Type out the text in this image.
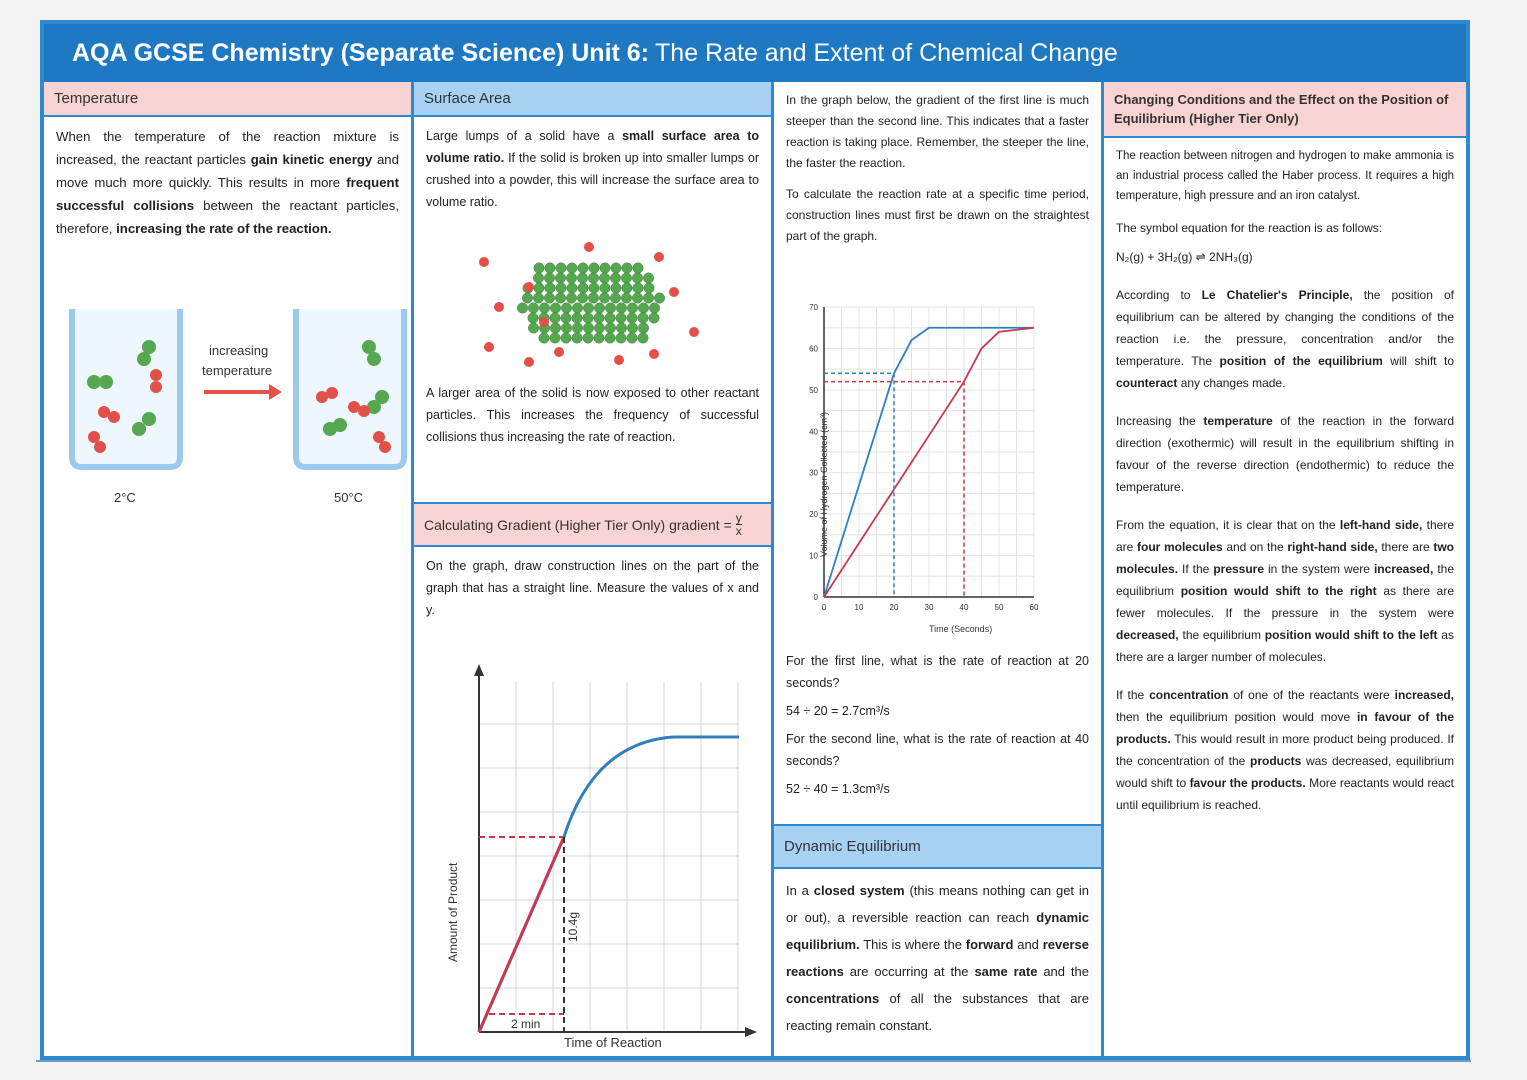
AQA GCSE Chemistry (Separate Science) Unit 6: The Rate and Extent of Chemical Change
Temperature
When the temperature of the reaction mixture is increased, the reactant particles gain kinetic energy and move much more quickly. This results in more frequent successful collisions between the reactant particles, therefore, increasing the rate of the reaction.
increasing
temperature
2°C	50°C
Surface Area
Large lumps of a solid have a small surface area to volume ratio. If the solid is broken up into smaller lumps or crushed into a powder, this will increase the surface area to volume ratio.
A larger area of the solid is now exposed to other reactant particles. This increases the frequency of successful collisions thus increasing the rate of reaction.
Calculating Gradient (Higher Tier Only) gradient = $\frac{y}{x}$
On the graph, draw construction lines on the part of the graph that has a straight line. Measure the values of x and y.
10.4g
2 min
Amount of Product
Time of Reaction
In the graph below, the gradient of the first line is much steeper than the second line. This indicates that a faster reaction is taking place. Remember, the steeper the line, the faster the reaction.
To calculate the reaction rate at a specific time period, construction lines must first be drawn on the straightest part of the graph.
0
10
20
30
40
50
60
70
0	10	20	30	40	50	60
Volume of Hydrogen Collected (cm³)
Time (Seconds)
For the first line, what is the rate of reaction at 20 seconds?
54 ÷ 20 = 2.7cm³/s
For the second line, what is the rate of reaction at 40 seconds?
52 ÷ 40 = 1.3cm³/s
Dynamic Equilibrium
In a closed system (this means nothing can get in or out), a reversible reaction can reach dynamic equilibrium. This is where the forward and reverse reactions are occurring at the same rate and the concentrations of all the substances that are reacting remain constant.
Changing Conditions and the Effect on the Position of Equilibrium (Higher Tier Only)
The reaction between nitrogen and hydrogen to make ammonia is an industrial process called the Haber process. It requires a high temperature, high pressure and an iron catalyst.
The symbol equation for the reaction is as follows:
N₂(g) + 3H₂(g) ⇌ 2NH₃(g)
According to Le Chatelier's Principle, the position of equilibrium can be altered by changing the conditions of the reaction i.e. the pressure, concentration and/or the temperature. The position of the equilibrium will shift to counteract any changes made.
Increasing the temperature of the reaction in the forward direction (exothermic) will result in the equilibrium shifting in favour of the reverse direction (endothermic) to reduce the temperature.
From the equation, it is clear that on the left-hand side, there are four molecules and on the right-hand side, there are two molecules. If the pressure in the system were increased, the equilibrium position would shift to the right as there are fewer molecules. If the pressure in the system were decreased, the equilibrium position would shift to the left as there are a larger number of molecules.
If the concentration of one of the reactants were increased, then the equilibrium position would move in favour of the products. This would result in more product being produced. If the concentration of the products was decreased, equilibrium would shift to favour the products. More reactants would react until equilibrium is reached.
